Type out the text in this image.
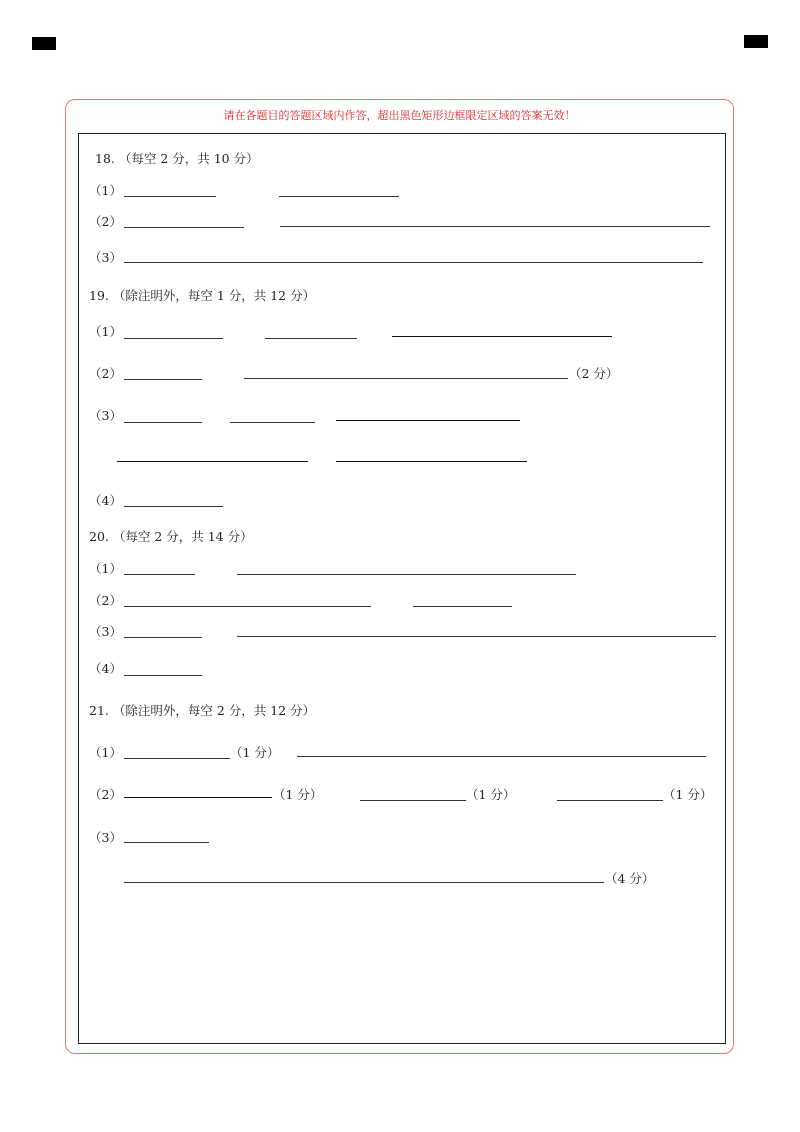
请在各题目的答题区域内作答，超出黑色矩形边框限定区域的答案无效！
18. （每空 2 分，共 10 分）
（1）
（2）
（3）
19. （除注明外，每空 1 分，共 12 分）
（1）
（2）	（2 分）
（3）
（4）
20. （每空 2 分，共 14 分）
（1）
（2）
（3）
（4）
21. （除注明外，每空 2 分，共 12 分）
（1）	（1 分）
（2）	（1 分）	（1 分）	（1 分）
（3）
（4 分）
